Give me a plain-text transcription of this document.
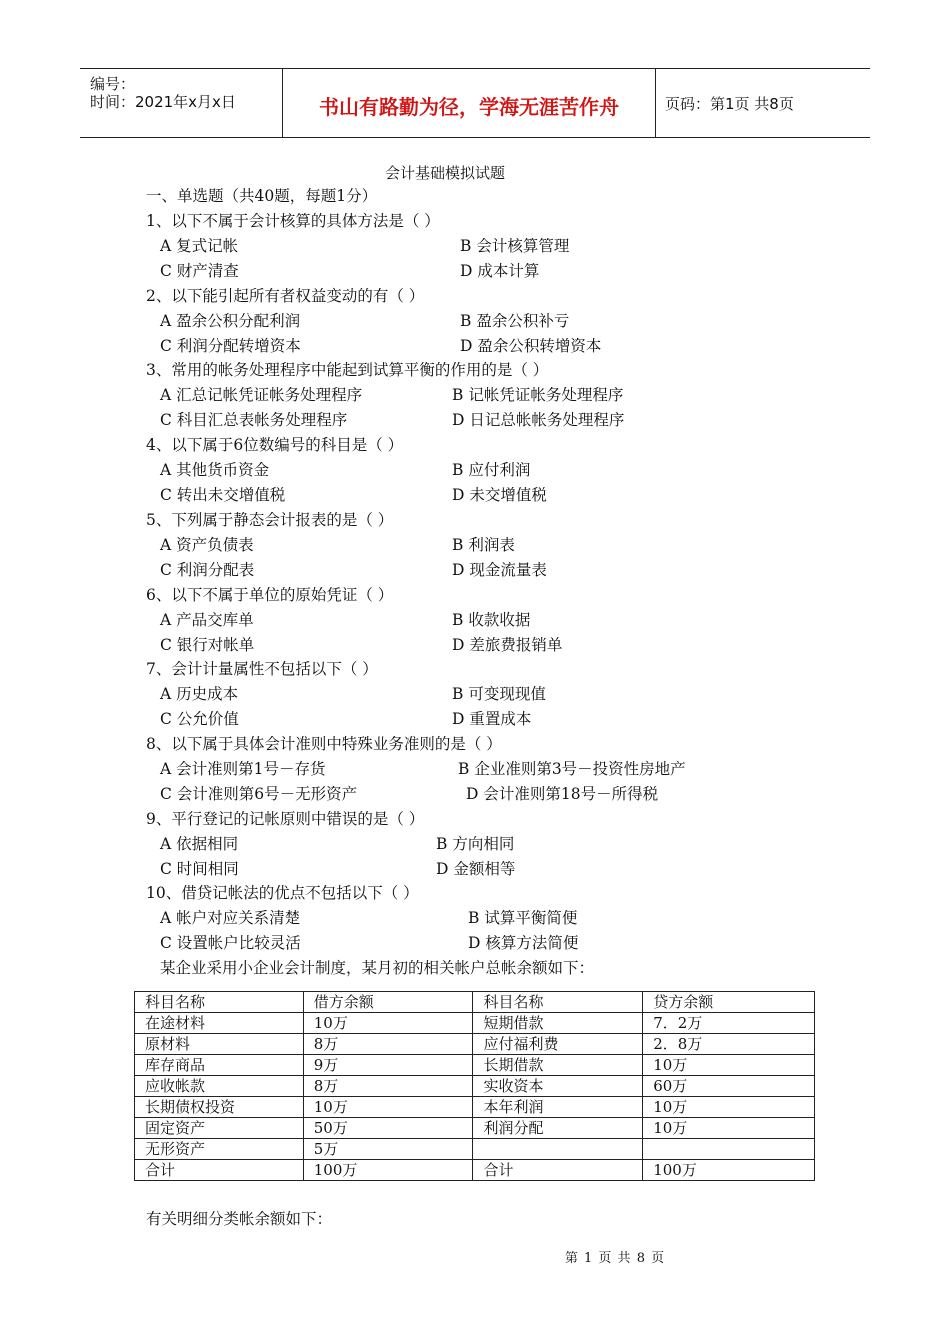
编号：
时间：2021年x月x日	书山有路勤为径，学海无涯苦作舟	页码：第1页 共8页
会计基础模拟试题
一、单选题（共40题，每题1分）
1、以下不属于会计核算的具体方法是（ ）
A 复式记帐	B 会计核算管理
C 财产清查	D 成本计算
2、以下能引起所有者权益变动的有（ ）
A 盈余公积分配利润	B 盈余公积补亏
C 利润分配转增资本	D 盈余公积转增资本
3、常用的帐务处理程序中能起到试算平衡的作用的是（ ）
A 汇总记帐凭证帐务处理程序	B 记帐凭证帐务处理程序
C 科目汇总表帐务处理程序	D 日记总帐帐务处理程序
4、以下属于6位数编号的科目是（ ）
A 其他货币资金	B 应付利润
C 转出未交增值税	D 未交增值税
5、下列属于静态会计报表的是（ ）
A 资产负债表	B 利润表
C 利润分配表	D 现金流量表
6、以下不属于单位的原始凭证（ ）
A 产品交库单	B 收款收据
C 银行对帐单	D 差旅费报销单
7、会计计量属性不包括以下（ ）
A 历史成本	B 可变现现值
C 公允价值	D 重置成本
8、以下属于具体会计准则中特殊业务准则的是（ ）
A 会计准则第1号－存货	B 企业准则第3号－投资性房地产
C 会计准则第6号－无形资产	D 会计准则第18号－所得税
9、平行登记的记帐原则中错误的是（ ）
A 依据相同	B 方向相同
C 时间相同	D 金额相等
10、借贷记帐法的优点不包括以下（ ）
A 帐户对应关系清楚	B 试算平衡简便
C 设置帐户比较灵活	D 核算方法简便
某企业采用小企业会计制度，某月初的相关帐户总帐余额如下：
科目名称	借方余额	科目名称	贷方余额
在途材料	10万	短期借款	7．2万
原材料	8万	应付福利费	2．8万
库存商品	9万	长期借款	10万
应收帐款	8万	实收资本	60万
长期债权投资	10万	本年利润	10万
固定资产	50万	利润分配	10万
无形资产	5万		
合计	100万	合计	100万
有关明细分类帐余额如下：
第 1 页 共 8 页
